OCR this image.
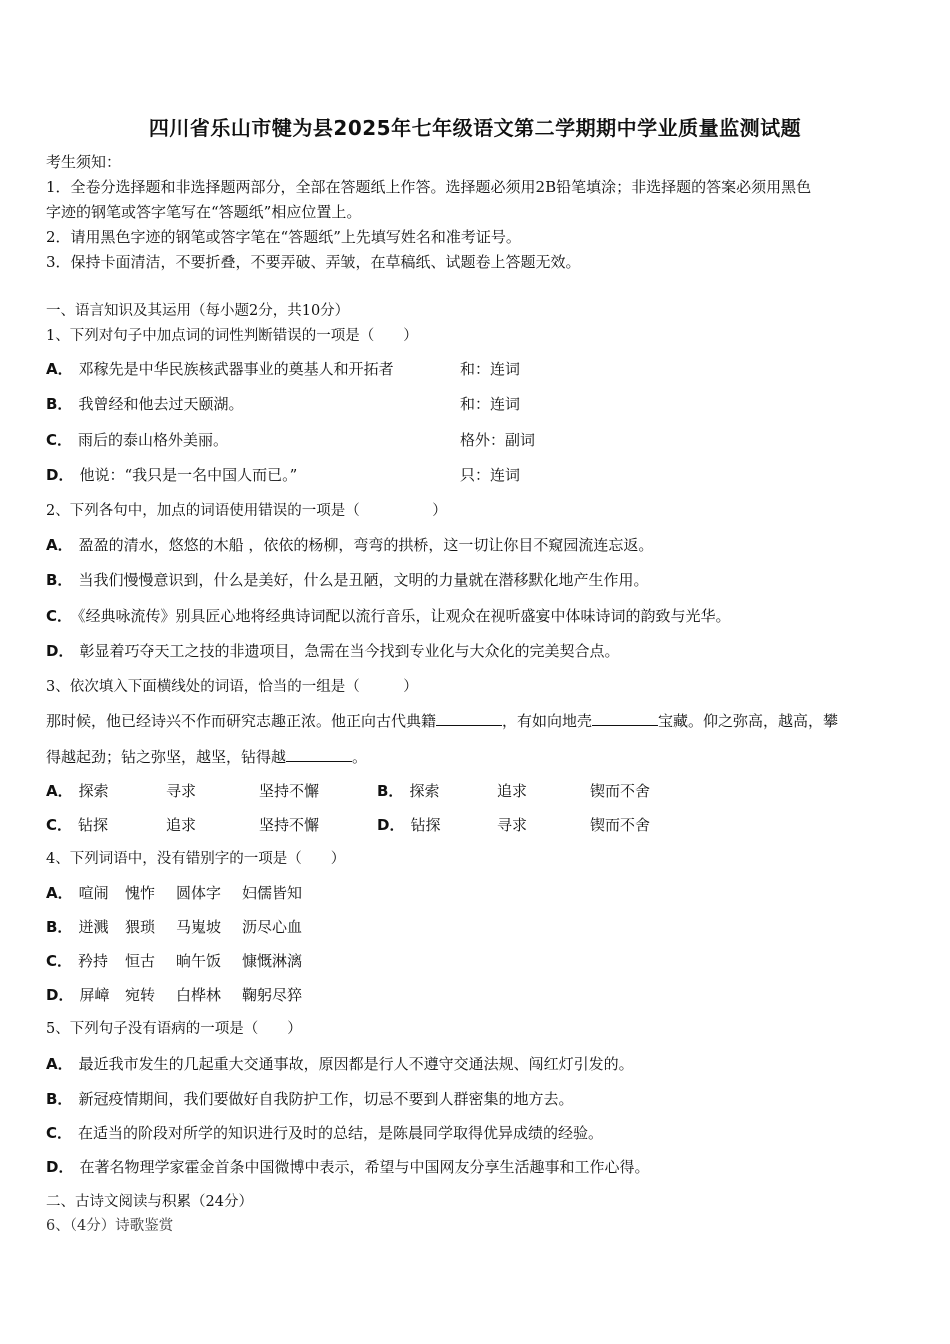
四川省乐山市犍为县2025年七年级语文第二学期期中学业质量监测试题
考生须知：
1．全卷分选择题和非选择题两部分，全部在答题纸上作答。选择题必须用2B铅笔填涂；非选择题的答案必须用黑色
字迹的钢笔或答字笔写在“答题纸”相应位置上。
2．请用黑色字迹的钢笔或答字笔在“答题纸”上先填写姓名和准考证号。
3．保持卡面清洁，不要折叠，不要弄破、弄皱，在草稿纸、试题卷上答题无效。
一、语言知识及其运用（每小题2分，共10分）
1、下列对句子中加点词的词性判断错误的一项是（　　）
A． 邓稼先是中华民族核武器事业的奠基人和开拓者	和：连词
B． 我曾经和他去过天颐湖。	和：连词
C． 雨后的泰山格外美丽。	格外：副词
D． 他说：“我只是一名中国人而已。”	只：连词
2、下列各句中，加点的词语使用错误的一项是（　　　　　）
A． 盈盈的清水，悠悠的木船 ，依依的杨柳，弯弯的拱桥，这一切让你目不窥园流连忘返。
B． 当我们慢慢意识到，什么是美好，什么是丑陋，文明的力量就在潜移默化地产生作用。
C． 《经典咏流传》别具匠心地将经典诗词配以流行音乐，让观众在视听盛宴中体味诗词的韵致与光华。
D． 彰显着巧夺天工之技的非遗项目，急需在当今找到专业化与大众化的完美契合点。
3、依次填入下面横线处的词语，恰当的一组是（　　　）
那时候，他已经诗兴不作而研究志趣正浓。他正向古代典籍	，有如向地壳	宝藏。仰之弥高，越高，攀
得越起劲；钻之弥坚，越坚，钻得越	。
A． 探索	寻求	坚持不懈	B． 探索	追求	锲而不舍
C． 钻探	追求	坚持不懈	D． 钻探	寻求	锲而不舍
4、下列词语中，没有错别字的一项是（　　）
A． 喧闹 愧怍 圆体字 妇儒皆知
B． 迸溅 猥琐 马嵬坡 沥尽心血
C． 矜持 恒古 晌午饭 慷慨淋漓
D． 屏嶂 宛转 白桦林 鞠躬尽猝
5、下列句子没有语病的一项是（　　）
A． 最近我市发生的几起重大交通事故，原因都是行人不遵守交通法规、闯红灯引发的。
B． 新冠疫情期间，我们要做好自我防护工作，切忌不要到人群密集的地方去。
C． 在适当的阶段对所学的知识进行及时的总结，是陈晨同学取得优异成绩的经验。
D． 在著名物理学家霍金首条中国微博中表示，希望与中国网友分享生活趣事和工作心得。
二、古诗文阅读与积累（24分）
6、（4分）诗歌鉴赏
